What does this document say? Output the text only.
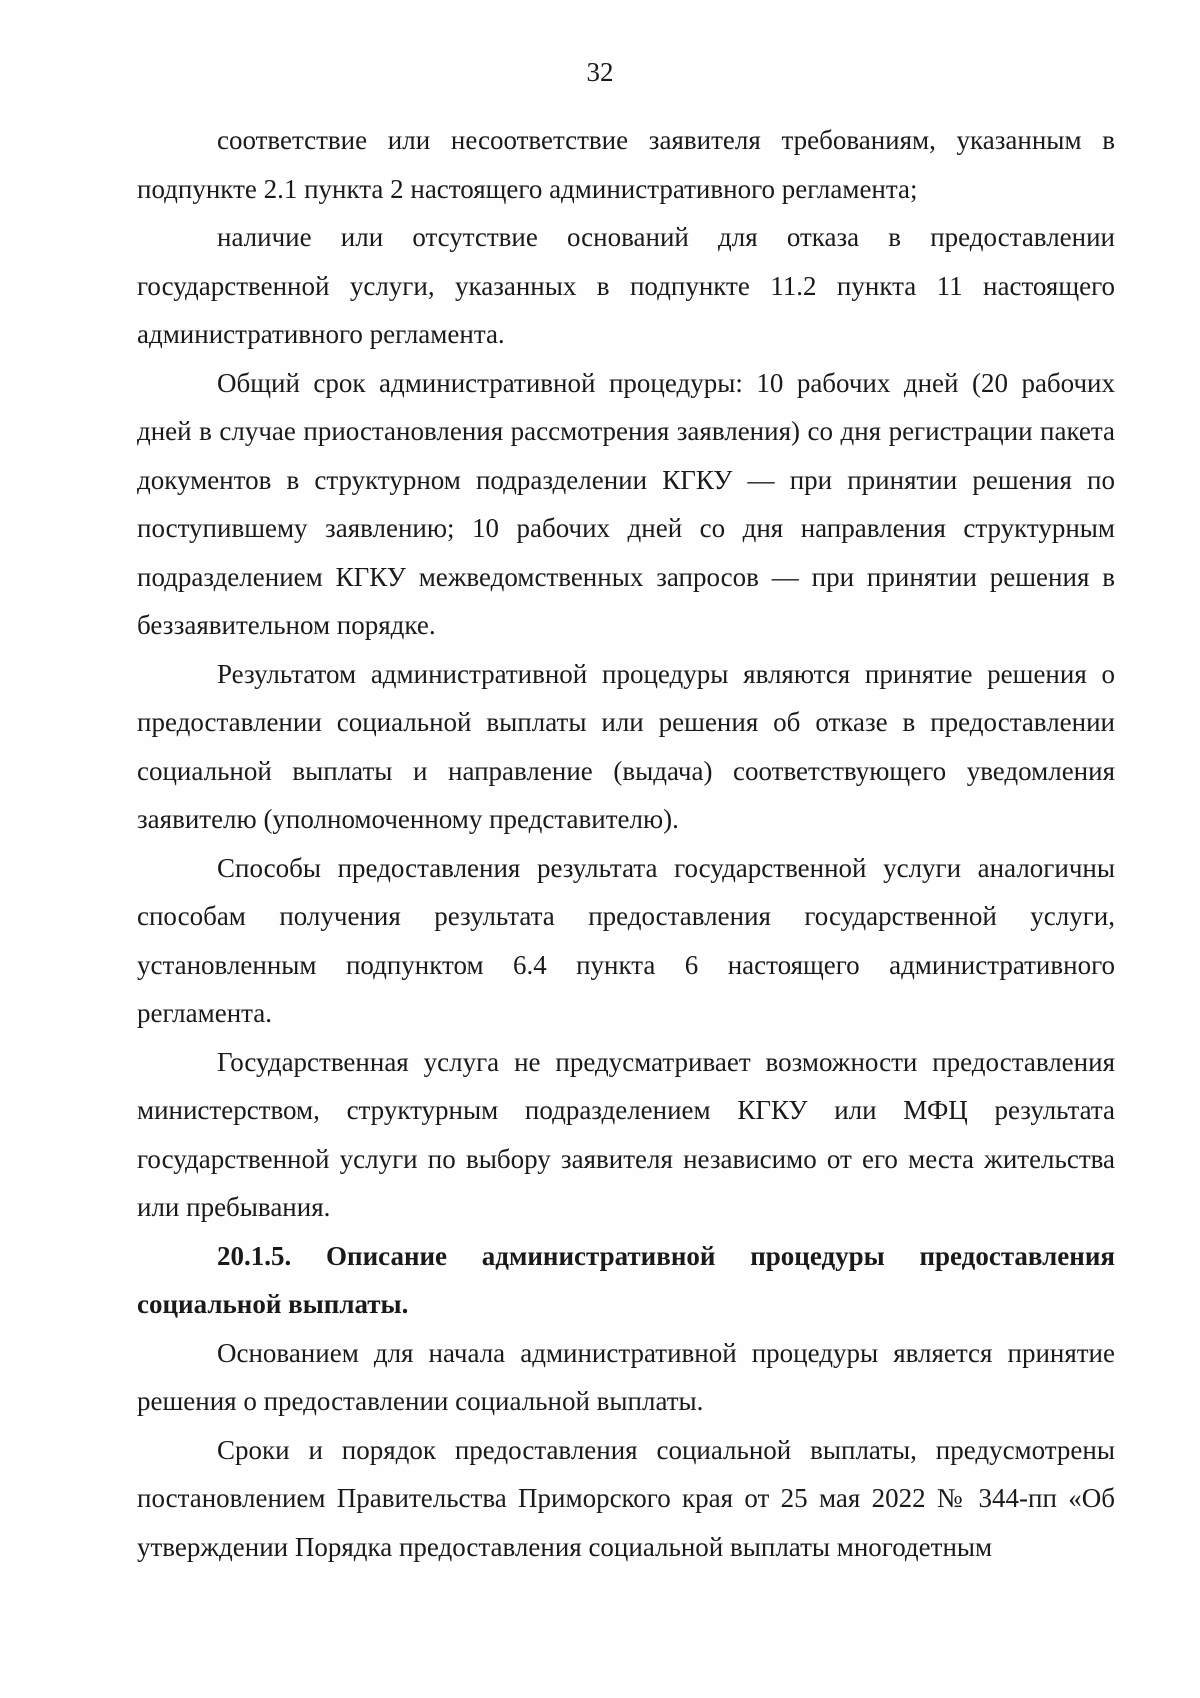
32

соответствие или несоответствие заявителя требованиям, указанным в подпункте 2.1 пункта 2 настоящего административного регламента;

наличие или отсутствие оснований для отказа в предоставлении государственной услуги, указанных в подпункте 11.2 пункта 11 настоящего административного регламента.

Общий срок административной процедуры: 10 рабочих дней (20 рабочих дней в случае приостановления рассмотрения заявления) со дня регистрации пакета документов в структурном подразделении КГКУ — при принятии решения по поступившему заявлению; 10 рабочих дней со дня направления структурным подразделением КГКУ межведомственных запросов — при принятии решения в беззаявительном порядке.

Результатом административной процедуры являются принятие решения о предоставлении социальной выплаты или решения об отказе в предоставлении социальной выплаты и направление (выдача) соответствующего уведомления заявителю (уполномоченному представителю).

Способы предоставления результата государственной услуги аналогичны способам получения результата предоставления государственной услуги, установленным подпунктом 6.4 пункта 6 настоящего административного регламента.

Государственная услуга не предусматривает возможности предоставления министерством, структурным подразделением КГКУ или МФЦ результата государственной услуги по выбору заявителя независимо от его места жительства или пребывания.

20.1.5. Описание административной процедуры предоставления социальной выплаты.

Основанием для начала административной процедуры является принятие решения о предоставлении социальной выплаты.

Сроки и порядок предоставления социальной выплаты, предусмотрены постановлением Правительства Приморского края от 25 мая 2022 № 344-пп «Об утверждении Порядка предоставления социальной выплаты многодетным
